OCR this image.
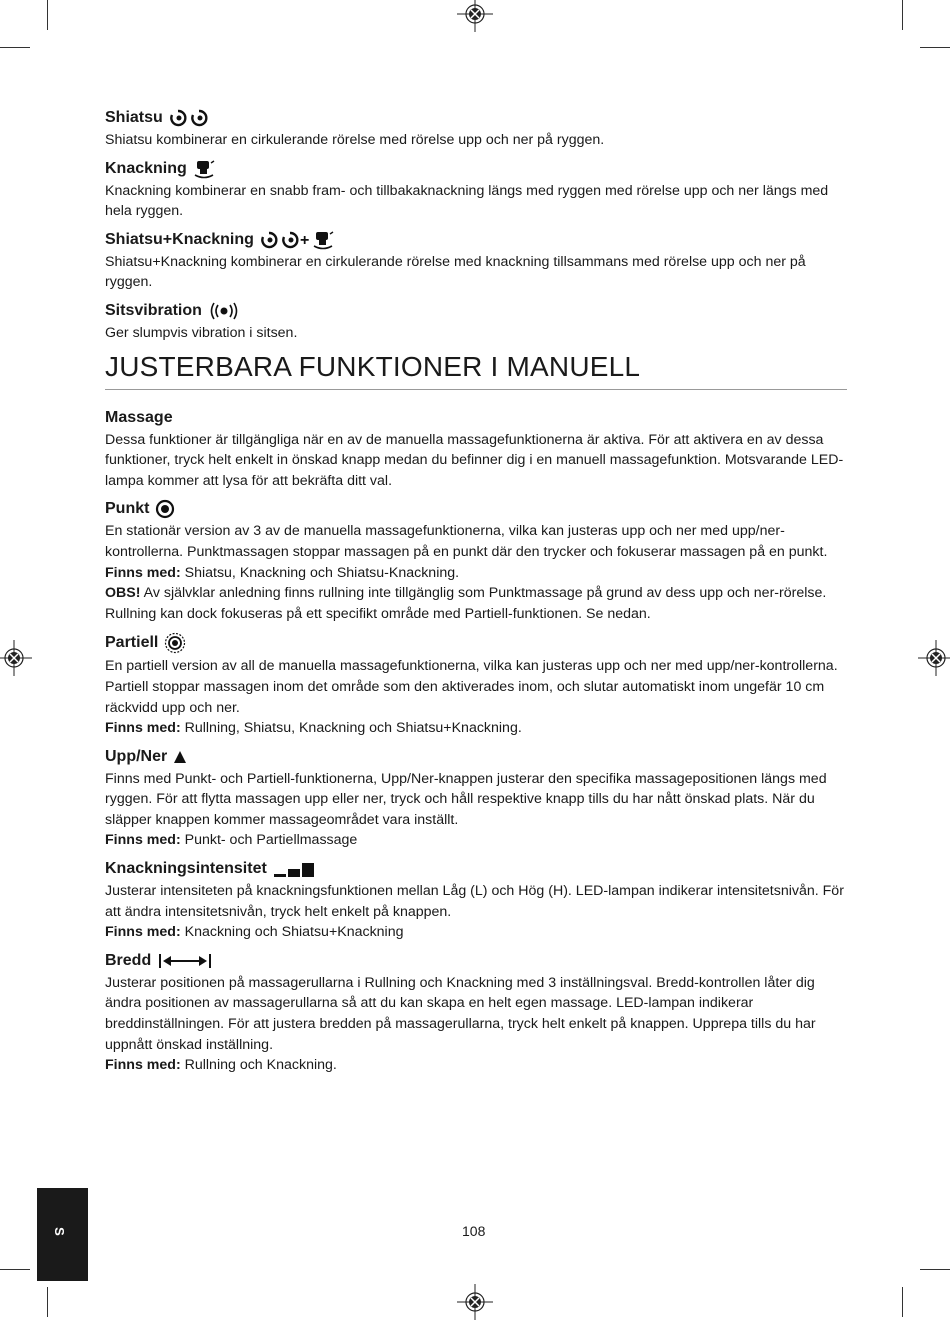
Shiatsu

Shiatsu kombinerar en cirkulerande rörelse med rörelse upp och ner på ryggen.

Knackning

Knackning kombinerar en snabb fram- och tillbakaknackning längs med ryggen med rörelse upp och ner längs med hela ryggen.

Shiatsu+Knackning	+

Shiatsu+Knackning kombinerar en cirkulerande rörelse med knackning tillsammans med rörelse upp och ner på ryggen.

Sitsvibration

Ger slumpvis vibration i sitsen.

JUSTERBARA FUNKTIONER I MANUELL
Massage

Dessa funktioner är tillgängliga när en av de manuella massagefunktionerna är aktiva. För att aktivera en av dessa funktioner, tryck helt enkelt in önskad knapp medan du befinner dig i en manuell massagefunktion. Motsvarande LED-lampa kommer att lysa för att bekräfta ditt val.

Punkt

En stationär version av 3 av de manuella massagefunktionerna, vilka kan justeras upp och ner med upp/ner-kontrollerna. Punktmassagen stoppar massagen på en punkt där den trycker och fokuserar massagen på en punkt.

Finns med: Shiatsu, Knackning och Shiatsu-Knackning.

OBS! Av självklar anledning finns rullning inte tillgänglig som Punktmassage på grund av dess upp och ner-rörelse. Rullning kan dock fokuseras på ett specifikt område med Partiell-funktionen. Se nedan.

Partiell

En partiell version av all de manuella massagefunktionerna, vilka kan justeras upp och ner med upp/ner-kontrollerna. Partiell stoppar massagen inom det område som den aktiverades inom, och slutar automatiskt inom ungefär 10 cm räckvidd upp och ner.

Finns med: Rullning, Shiatsu, Knackning och Shiatsu+Knackning.

Upp/Ner

Finns med Punkt- och Partiell-funktionerna, Upp/Ner-knappen justerar den specifika massagepositionen längs med ryggen. För att flytta massagen upp eller ner, tryck och håll respektive knapp tills du har nått önskad plats. När du släpper knappen kommer massageområdet vara inställt.

Finns med: Punkt- och Partiellmassage

Knackningsintensitet

Justerar intensiteten på knackningsfunktionen mellan Låg (L) och Hög (H). LED-lampan indikerar intensitetsnivån. För att ändra intensitetsnivån, tryck helt enkelt på knappen.

Finns med: Knackning och Shiatsu+Knackning

Bredd

Justerar positionen på massagerullarna i Rullning och Knackning med 3 inställningsval. Bredd-kontrollen låter dig ändra positionen av massagerullarna så att du kan skapa en helt egen massage. LED-lampan indikerar breddinställningen. För att justera bredden på massagerullarna, tryck helt enkelt på knappen. Upprepa tills du har uppnått önskad inställning.

Finns med: Rullning och Knackning.

S	108
